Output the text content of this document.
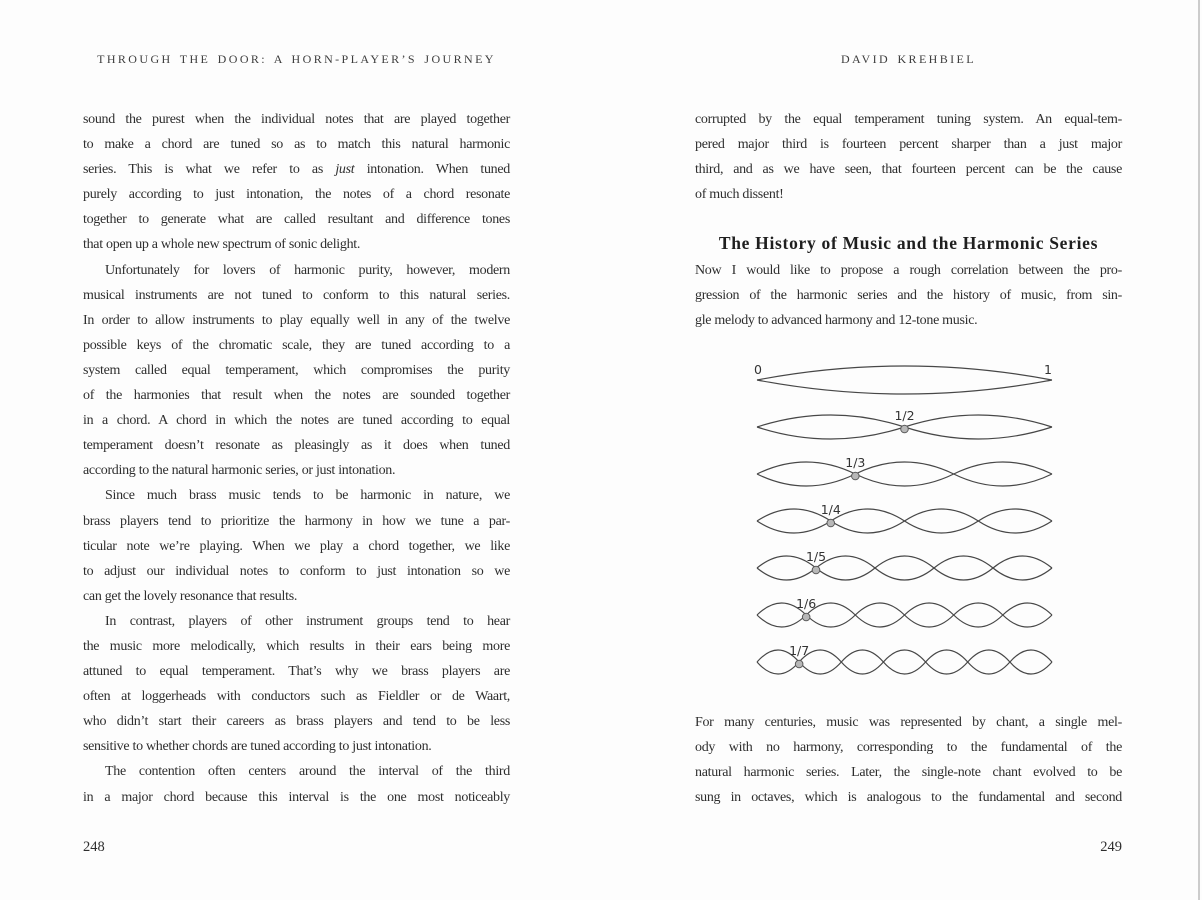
THROUGH THE DOOR: A HORN-PLAYER’S JOURNEY
sound the purest when the individual notes that are played together
to make a chord are tuned so as to match this natural harmonic
series. This is what we refer to as just intonation. When tuned
purely according to just intonation, the notes of a chord resonate
together to generate what are called resultant and difference tones
that open up a whole new spectrum of sonic delight.
Unfortunately for lovers of harmonic purity, however, modern
musical instruments are not tuned to conform to this natural series.
In order to allow instruments to play equally well in any of the twelve
possible keys of the chromatic scale, they are tuned according to a
system called equal temperament, which compromises the purity
of the harmonies that result when the notes are sounded together
in a chord. A chord in which the notes are tuned according to equal
temperament doesn’t resonate as pleasingly as it does when tuned
according to the natural harmonic series, or just intonation.
Since much brass music tends to be harmonic in nature, we
brass players tend to prioritize the harmony in how we tune a par-
ticular note we’re playing. When we play a chord together, we like
to adjust our individual notes to conform to just intonation so we
can get the lovely resonance that results.
In contrast, players of other instrument groups tend to hear
the music more melodically, which results in their ears being more
attuned to equal temperament. That’s why we brass players are
often at loggerheads with conductors such as Fieldler or de Waart,
who didn’t start their careers as brass players and tend to be less
sensitive to whether chords are tuned according to just intonation.
The contention often centers around the interval of the third
in a major chord because this interval is the one most noticeably
248
DAVID KREHBIEL
corrupted by the equal temperament tuning system. An equal-tem-
pered major third is fourteen percent sharper than a just major
third, and as we have seen, that fourteen percent can be the cause
of much dissent!
The History of Music and the Harmonic Series
Now I would like to propose a rough correlation between the pro-
gression of the harmonic series and the history of music, from sin-
gle melody to advanced harmony and 12-tone music.
0	1
1/2
1/3
1/4
1/5
1/6
1/7
For many centuries, music was represented by chant, a single mel-
ody with no harmony, corresponding to the fundamental of the
natural harmonic series. Later, the single-note chant evolved to be
sung in octaves, which is analogous to the fundamental and second
249
